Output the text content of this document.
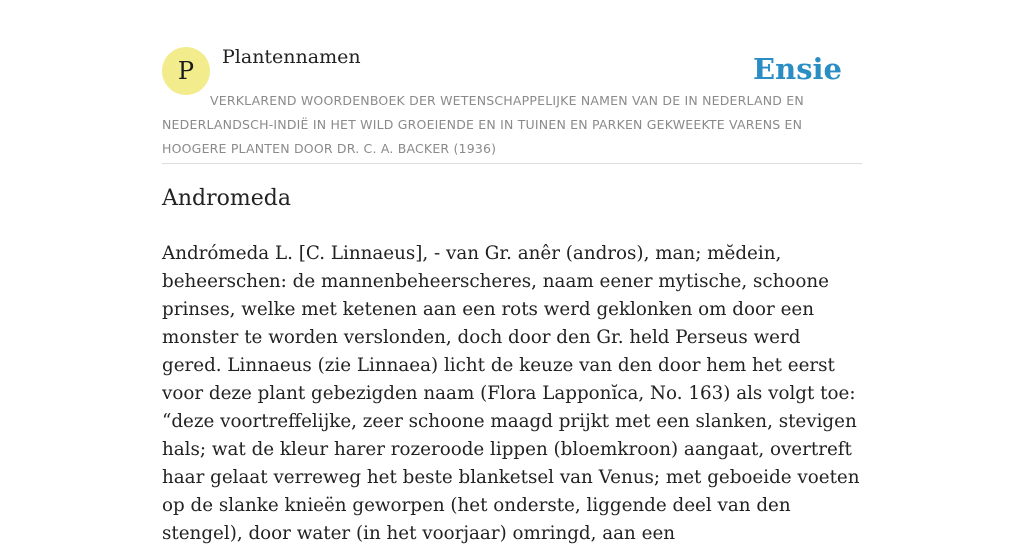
P Plantennamen	Ensie
VERKLAREND WOORDENBOEK DER WETENSCHAPPELIJKE NAMEN VAN DE IN NEDERLAND EN NEDERLANDSCH-INDIË IN HET WILD GROEIENDE EN IN TUINEN EN PARKEN GEKWEEKTE VARENS EN HOOGERE PLANTEN DOOR DR. C. A. BACKER (1936)
Andromeda

Andrómeda L. [C. Linnaeus], - van Gr. anêr (andros), man; mĕdein, beheerschen: de mannenbeheerscheres, naam eener mytische, schoone prinses, welke met ketenen aan een rots werd geklonken om door een monster te worden verslonden, doch door den Gr. held Perseus werd gered. Linnaeus (zie Linnaea) licht de keuze van den door hem het eerst voor deze plant gebezigden naam (Flora Lapponĭca, No. 163) als volgt toe: “deze voortreffelijke, zeer schoone maagd prijkt met een slanken, stevigen hals; wat de kleur harer rozeroode lippen (bloemkroon) aangaat, overtreft haar gelaat verreweg het beste blanketsel van Venus; met geboeide voeten op de slanke knieën geworpen (het onderste, liggende deel van den stengel), door water (in het voorjaar) omringd, aan een
